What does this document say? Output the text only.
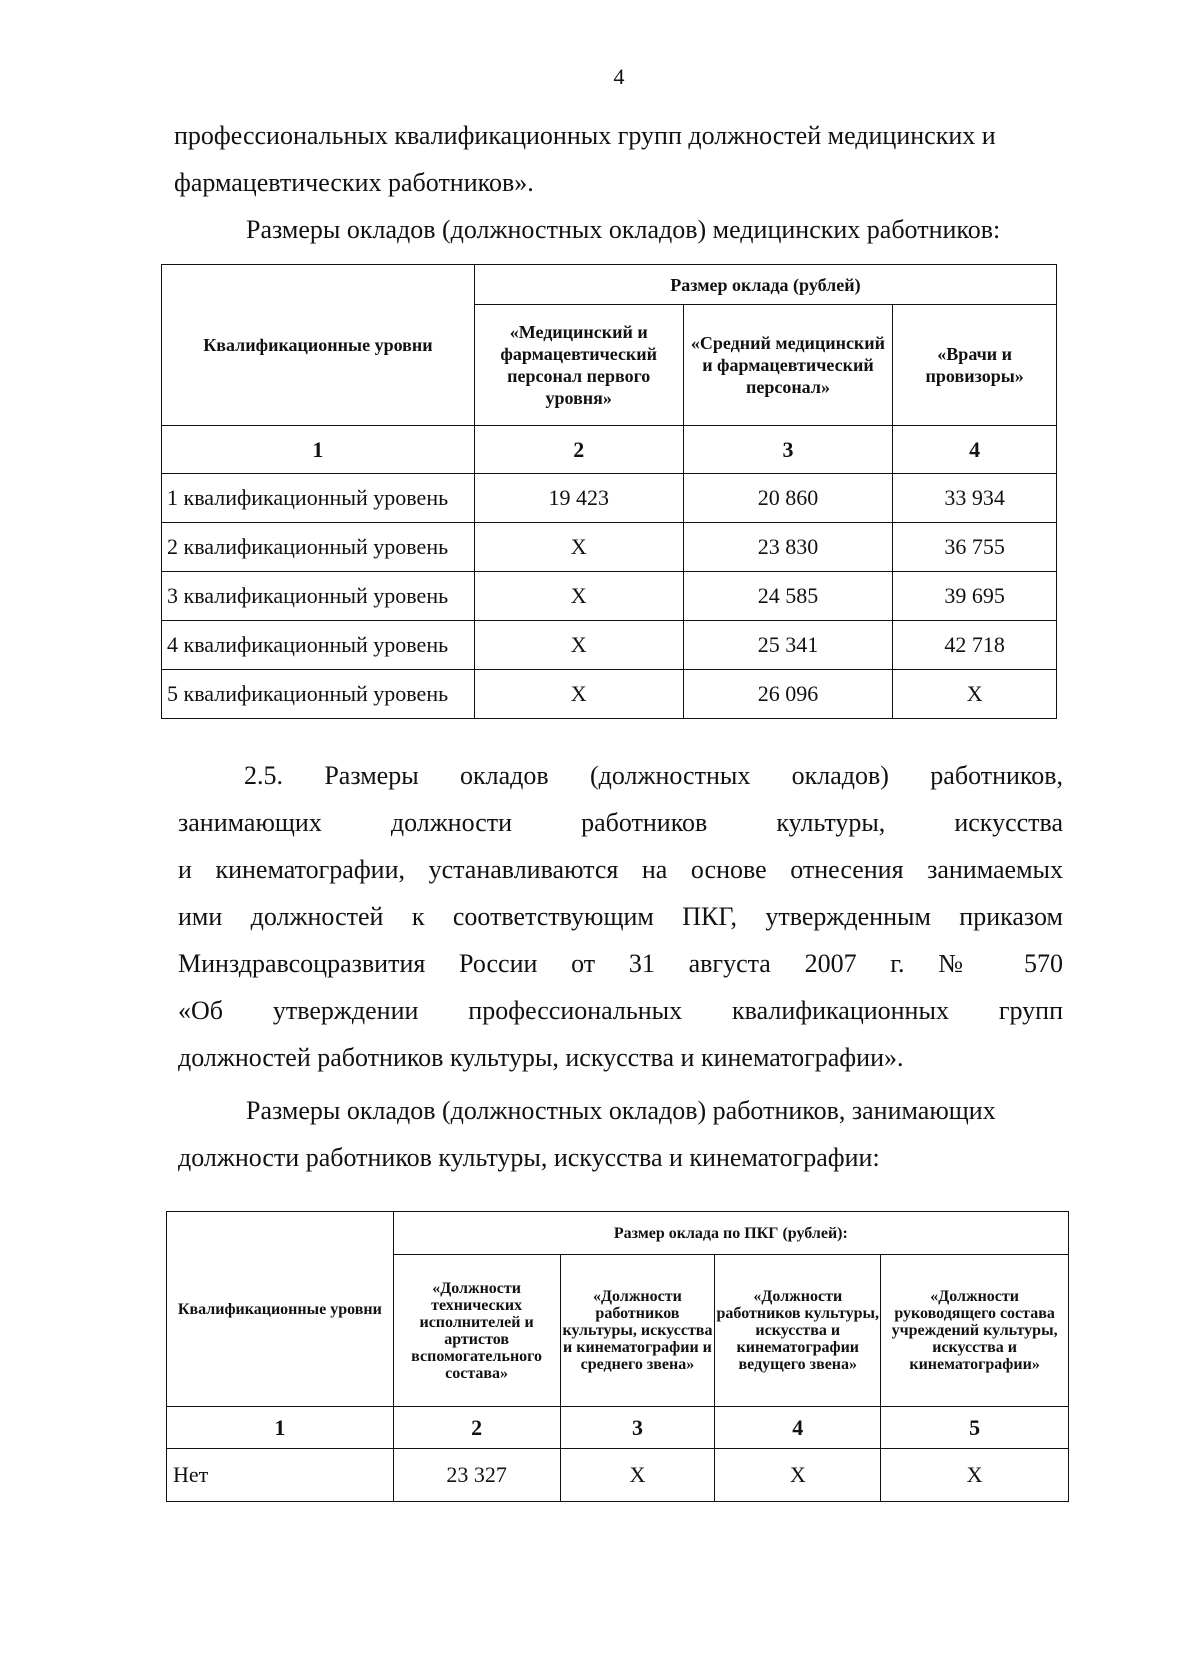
4
профессиональных квалификационных групп должностей медицинских и
фармацевтических работников».
Размеры окладов (должностных окладов) медицинских работников:
Квалификационные уровни	Размер оклада (рублей)		
	«Медицинский и фармацевтический персонал первого уровня»	«Средний медицинский и фармацевтический персонал»	«Врачи и провизоры»
1	2	3	4
1 квалификационный уровень	19 423	20 860	33 934
2 квалификационный уровень	X	23 830	36 755
3 квалификационный уровень	X	24 585	39 695
4 квалификационный уровень	X	25 341	42 718
5 квалификационный уровень	X	26 096	X
2.5. Размеры окладов (должностных окладов) работников,
занимающих должности работников культуры, искусства
и кинематографии, устанавливаются на основе отнесения занимаемых
ими должностей к соответствующим ПКГ, утвержденным приказом
Минздравсоцразвития России от 31 августа 2007 г. № 570
«Об утверждении профессиональных квалификационных групп
должностей работников культуры, искусства и кинематографии».
Размеры окладов (должностных окладов) работников, занимающих
должности работников культуры, искусства и кинематографии:
Квалификационные уровни	Размер оклада по ПКГ (рублей):			
	«Должности технических исполнителей и артистов вспомогательного состава»	«Должности работников культуры, искусства и кинематографии и среднего звена»	«Должности работников культуры, искусства и кинематографии ведущего звена»	«Должности руководящего состава учреждений культуры, искусства и кинематографии»
1	2	3	4	5
Нет	23 327	X	X	X
